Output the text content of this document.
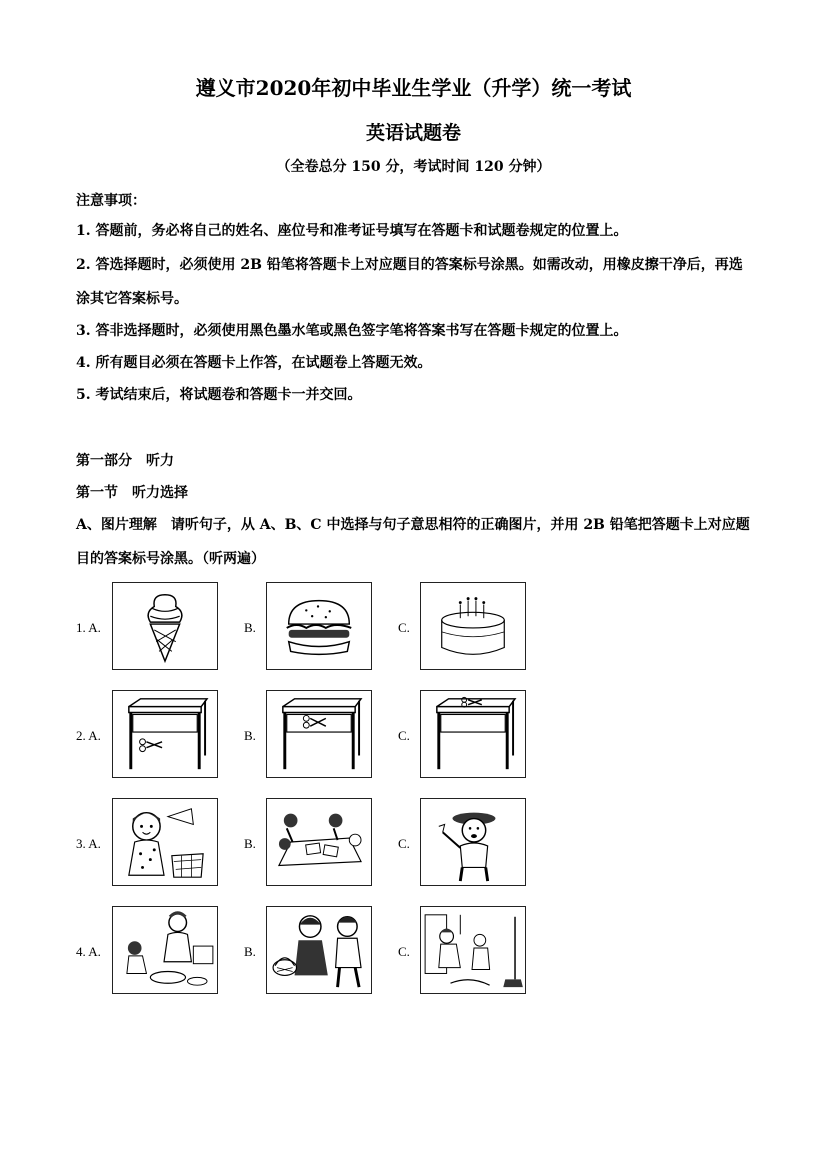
遵义市2020年初中毕业生学业（升学）统一考试
英语试题卷
（全卷总分 150 分，考试时间 120 分钟）
注意事项：
1. 答题前，务必将自己的姓名、座位号和准考证号填写在答题卡和试题卷规定的位置上。
2. 答选择题时，必须使用 2B 铅笔将答题卡上对应题目的答案标号涂黑。如需改动，用橡皮擦干净后，再选涂其它答案标号。
3. 答非选择题时，必须使用黑色墨水笔或黑色签字笔将答案书写在答题卡规定的位置上。
4. 所有题目必须在答题卡上作答，在试题卷上答题无效。
5. 考试结束后，将试题卷和答题卡一并交回。
第一部分　听力
第一节　听力选择
A、图片理解　请听句子，从 A、B、C 中选择与句子意思相符的正确图片，并用 2B 铅笔把答题卡上对应题目的答案标号涂黑。（听两遍）
1. A.	B.	C.
2. A.	B.	C.
3. A.	B.	C.
4. A.	B.	C.
